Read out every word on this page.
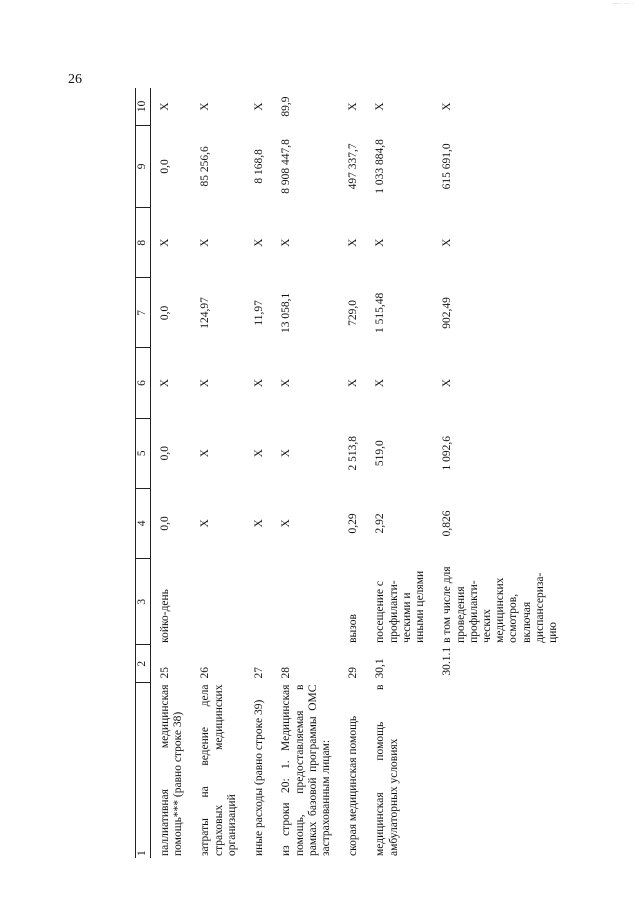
26
— ·· ···· ·
1	2	3	4	5	6	7	8	9	10
паллиативная медицинская помощь*** (равно строке 38)	25	койко-день	0,0	0,0	Х	0,0	Х	0,0	Х
затраты на ведение дела страховых медицинских организаций	26		Х	Х	Х	124,97	Х	85 256,6	Х
иные расходы (равно строке 39)	27		Х	Х	Х	11,97	Х	8 168,8	Х
из строки 20: 1. Медицинская помощь, предоставляемая в рамках базовой программы ОМС застрахованным лицам:	28		Х	Х	Х	13 058,1	Х	8 908 447,8	89,9
скорая медицинская помощь	29	вызов	0,29	2 513,8	Х	729,0	Х	497 337,7	Х
медицинская помощь в амбулаторных условиях	30,1	посещение с профилакти-ческими и иными целями	2,92	519,0	Х	1 515,48	Х	1 033 884,8	Х
	30.1.1	в том числе для проведения профилакти-ческих медицинских осмотров, включая диспансериза-цию	0,826	1 092,6	Х	902,49	Х	615 691,0	Х
